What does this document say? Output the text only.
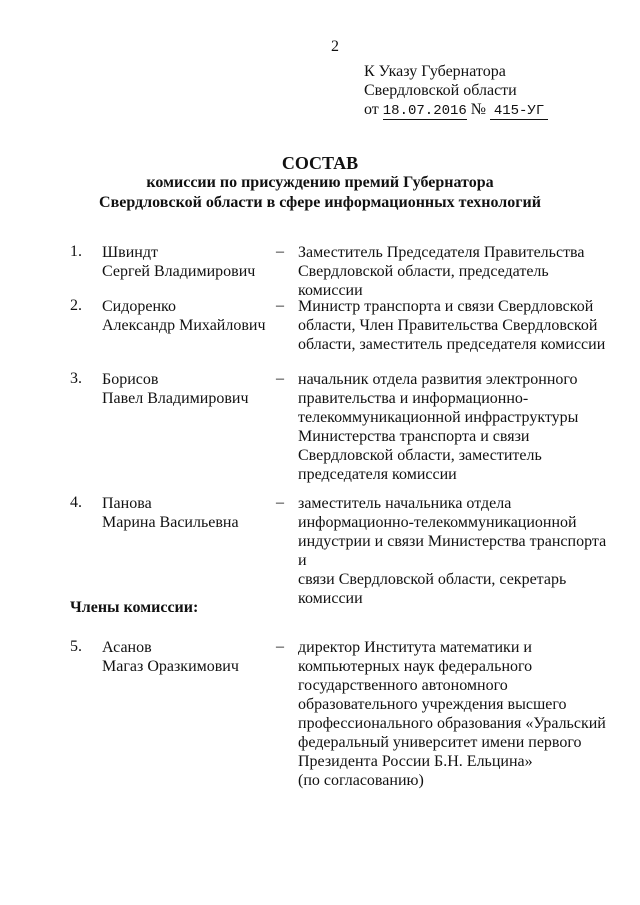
2
К Указу Губернатора
Свердловской области
от 18.07.2016 № 415-УГ
СОСТАВ
комиссии по присуждению премий Губернатора
Свердловской области в сфере информационных технологий
1. Швиндт
Сергей Владимирович
– Заместитель Председателя Правительства
Свердловской области, председатель комиссии
2. Сидоренко
Александр Михайлович
– Министр транспорта и связи Свердловской
области, Член Правительства Свердловской
области, заместитель председателя комиссии
3. Борисов
Павел Владимирович
– начальник отдела развития электронного
правительства и информационно-
телекоммуникационной инфраструктуры
Министерства транспорта и связи
Свердловской области, заместитель
председателя комиссии
4. Панова
Марина Васильевна
– заместитель начальника отдела
информационно-телекоммуникационной
индустрии и связи Министерства транспорта и
связи Свердловской области, секретарь
комиссии
Члены комиссии:
5. Асанов
Магаз Оразкимович
– директор Института математики и
компьютерных наук федерального
государственного автономного
образовательного учреждения высшего
профессионального образования «Уральский
федеральный университет имени первого
Президента России Б.Н. Ельцина»
(по согласованию)
